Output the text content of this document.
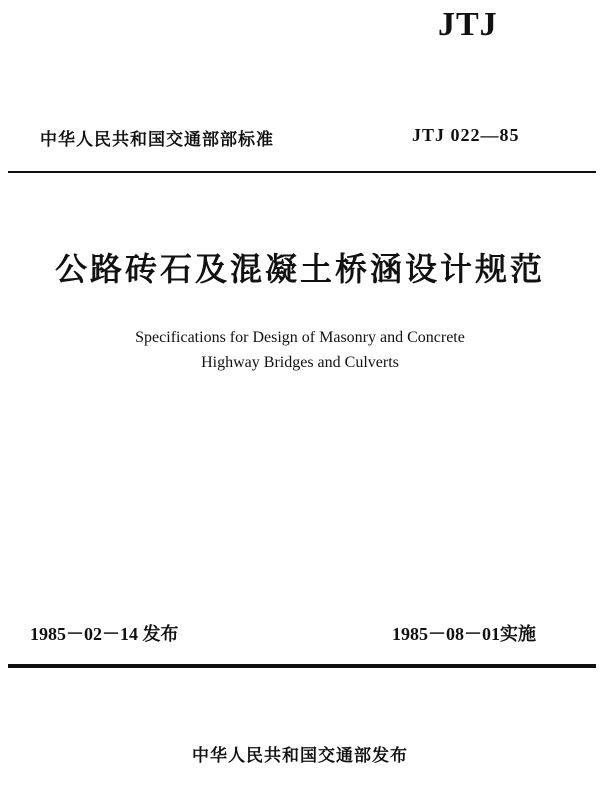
JTJ
中华人民共和国交通部部标准	JTJ 022—85
公路砖石及混凝土桥涵设计规范
Specifications for Design of Masonry and Concrete
Highway Bridges and Culverts
1985－02－14 发布	1985－08－01实施
中华人民共和国交通部发布
